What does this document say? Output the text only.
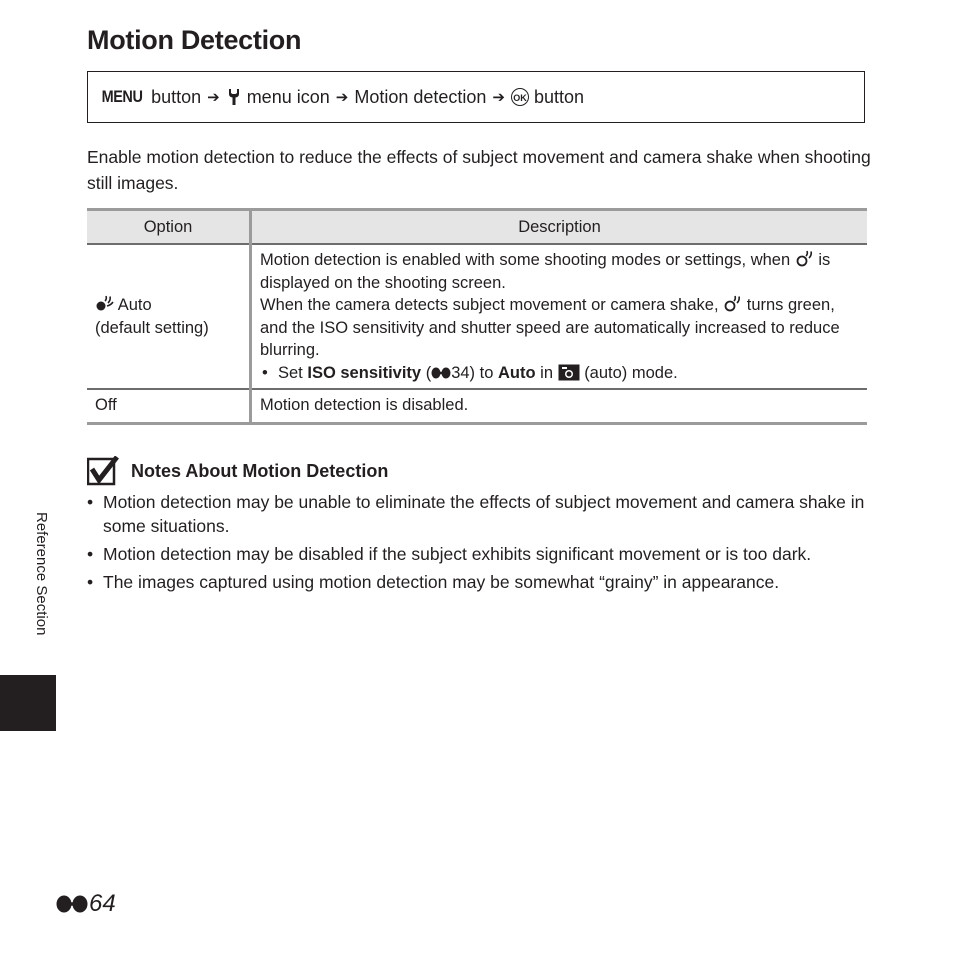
Motion Detection
MENU button ➔ menu icon ➔ Motion detection ➔ OK button

Enable motion detection to reduce the effects of subject movement and camera shake when shooting still images.

Option	Description
Auto
(default setting)	Motion detection is enabled with some shooting modes or settings, when is displayed on the shooting screen.
When the camera detects subject movement or camera shake, turns green, and the ISO sensitivity and shutter speed are automatically increased to reduce blurring.
• Set ISO sensitivity ( 34) to Auto in (auto) mode.

Off	Motion detection is disabled.
Notes About Motion Detection
• Motion detection may be unable to eliminate the effects of subject movement and camera shake in some situations.
• Motion detection may be disabled if the subject exhibits significant movement or is too dark.
• The images captured using motion detection may be somewhat “grainy” in appearance.
Reference Section
64
